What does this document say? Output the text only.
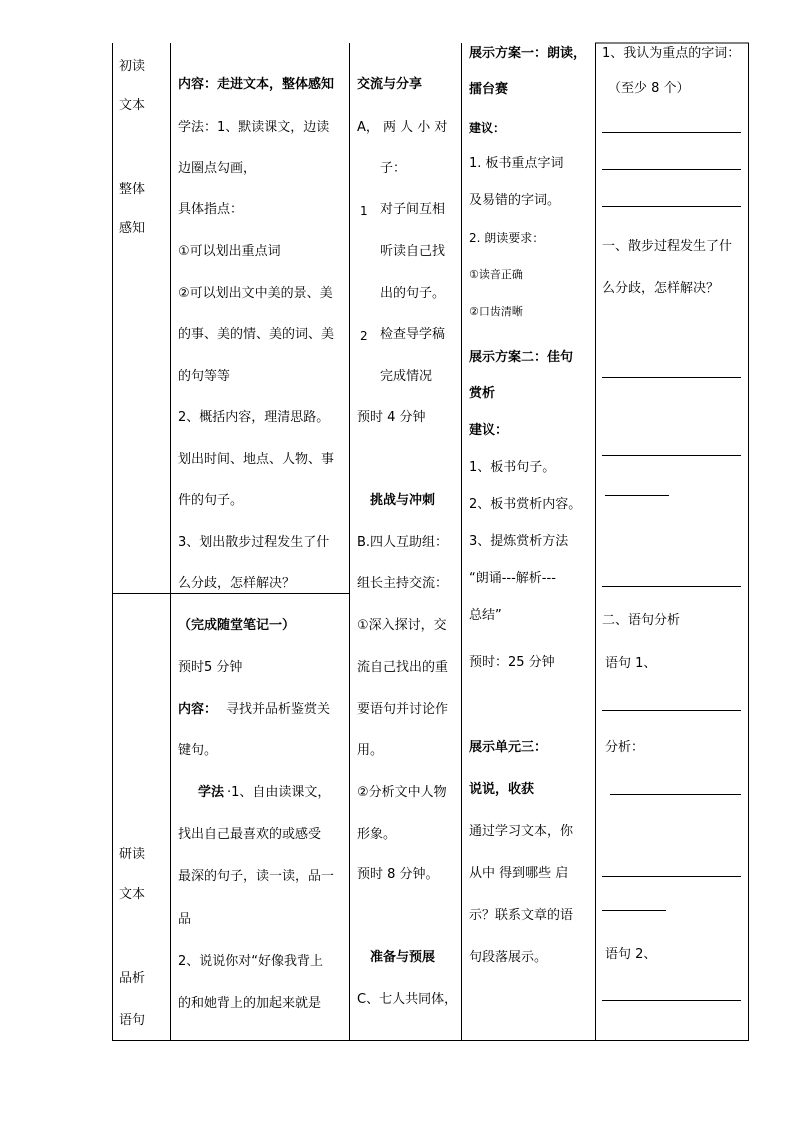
初读
文本
整体
感知
研读
文本
品析
语句
内容：走进文本，整体感知
学法：1、默读课文，边读
边圈点勾画，
具体指点：
①可以划出重点词
②可以划出文中美的景、美
的事、美的情、美的词、美
的句等等
2、概括内容，理清思路。
划出时间、地点、人物、事
件的句子。
3、划出散步过程发生了什
么分歧，怎样解决？
（完成随堂笔记一）
预时5 分钟
内容： 寻找并品析鉴赏关
键句。
学法 ·1、自由读课文，
找出自己最喜欢的或感受
最深的句子，读一读，品一
品
2、说说你对“好像我背上
的和她背上的加起来就是
交流与分享
A， 两 人 小 对
子：
1 对子间互相
听读自己找
出的句子。
2 检查导学稿
完成情况
预时 4 分钟
挑战与冲刺
B.四人互助组：
组长主持交流：
①深入探讨，交
流自己找出的重
要语句并讨论作
用。
②分析文中人物
形象。
预时 8 分钟。
准备与预展
C、七人共同体，
展示方案一：朗读，
擂台赛
建议：
1. 板书重点字词
及易错的字词。
2. 朗读要求：
①读音正确
②口齿清晰
展示方案二：佳句
赏析
建议：
1、板书句子。
2、板书赏析内容。
3、提炼赏析方法
“朗诵---解析---
总结”
预时：25 分钟
展示单元三：
说说，收获
通过学习文本，你
从中 得到哪些 启
示？联系文章的语
句段落展示。
1、我认为重点的字词：
（至少 8 个）
一、散步过程发生了什
么分歧，怎样解决？
二、语句分析
语句 1、
分析：
语句 2、
